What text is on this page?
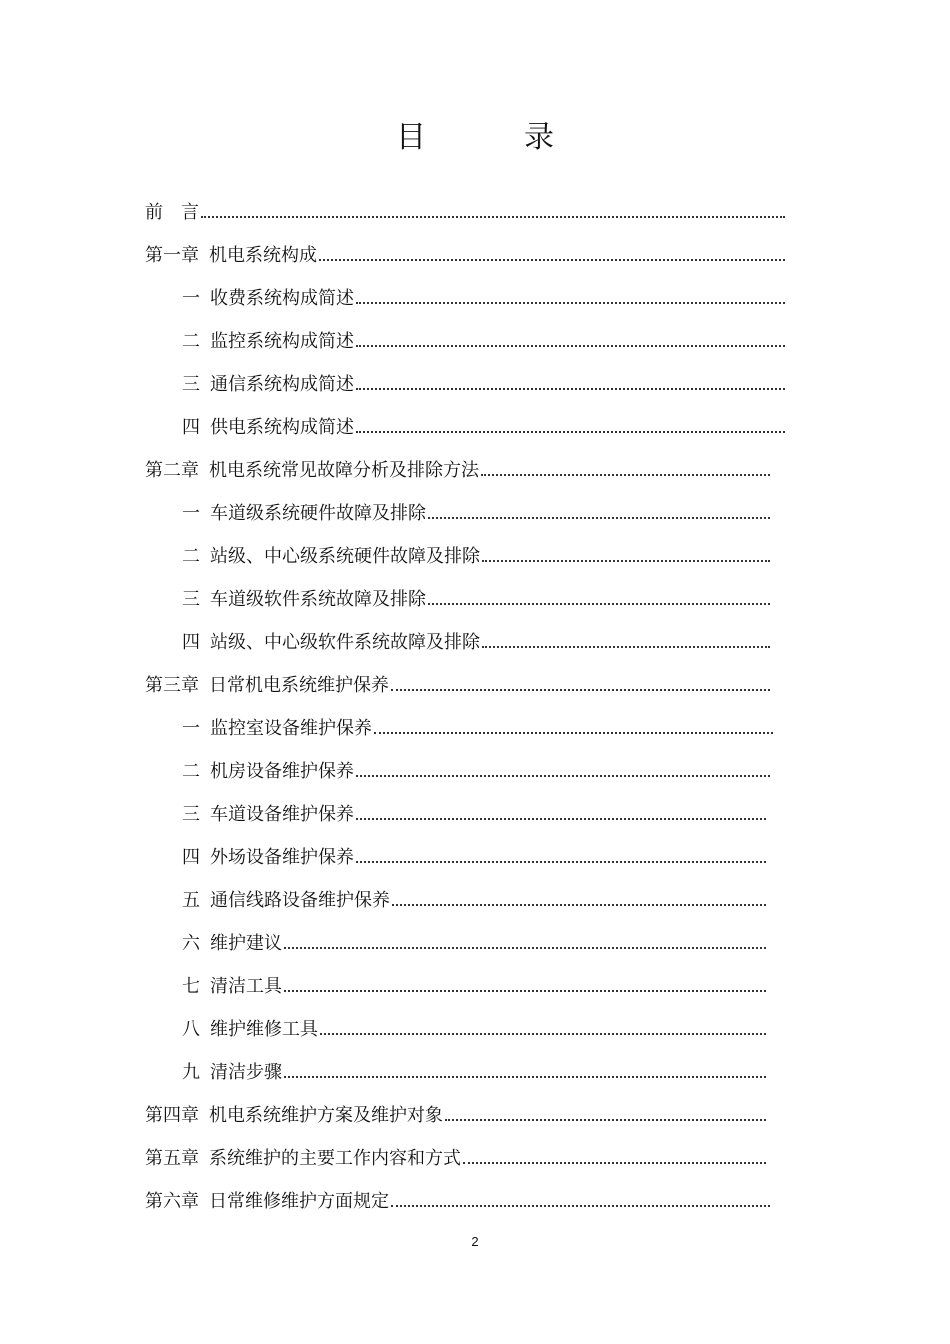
目　录
前　言
第一章 机电系统构成
一 收费系统构成简述
二 监控系统构成简述
三 通信系统构成简述
四 供电系统构成简述
第二章 机电系统常见故障分析及排除方法
一 车道级系统硬件故障及排除
二 站级、中心级系统硬件故障及排除
三 车道级软件系统故障及排除
四 站级、中心级软件系统故障及排除
第三章 日常机电系统维护保养
一 监控室设备维护保养
二 机房设备维护保养
三 车道设备维护保养
四 外场设备维护保养
五 通信线路设备维护保养
六 维护建议
七 清洁工具
八 维护维修工具
九 清洁步骤
第四章 机电系统维护方案及维护对象
第五章 系统维护的主要工作内容和方式
第六章 日常维修维护方面规定
2
